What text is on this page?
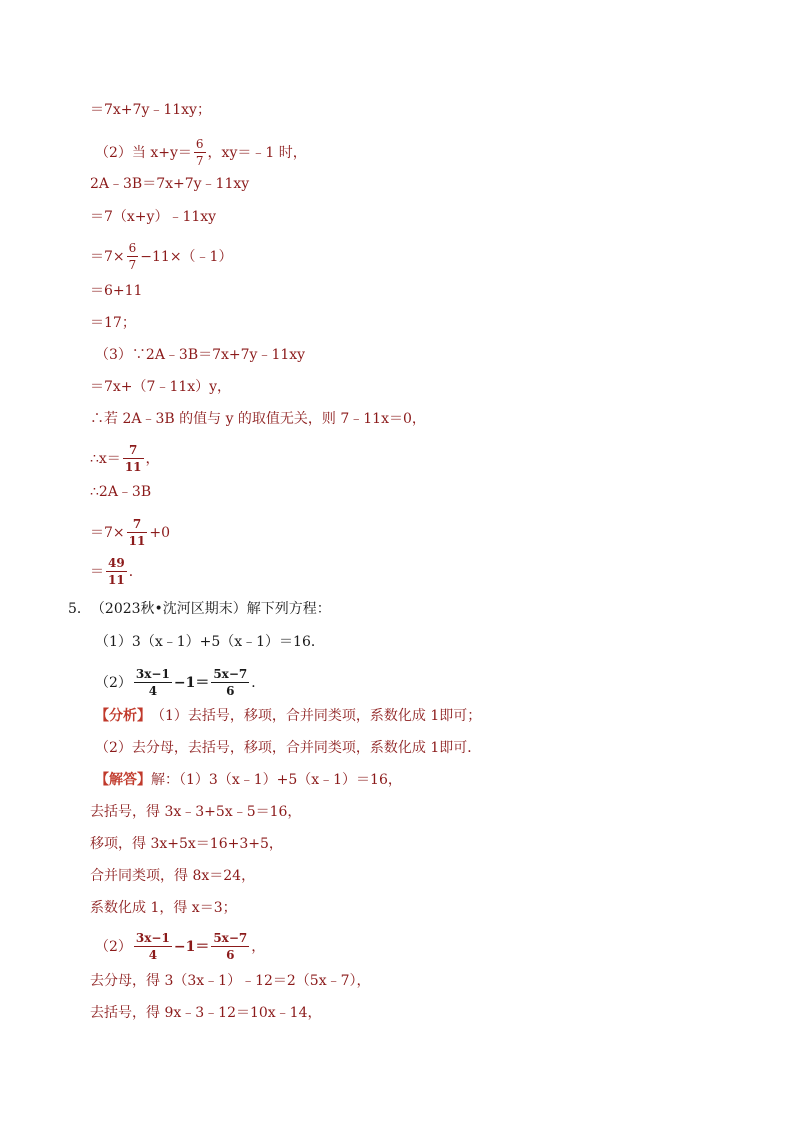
＝7x+7y﹣11xy；
（2）当 $x+y= \frac{6}{7}$ ，xy＝﹣1 时，
2A﹣3B＝7x+7y﹣11xy
＝7（x+y）﹣11xy
$=7\times \frac{6}{7}$ −11×（﹣1）
＝6+11
＝17；
（3）∵2A﹣3B＝7x+7y﹣11xy
＝7x+（7﹣11x）y，
∴若 2A﹣3B 的值与 y 的取值无关，则 7﹣11x＝0，
∴x＝ $\frac{7}{11}$ ，
∴2A﹣3B
$=7\times \frac{7}{11} +0$
＝ $\frac{49}{11}$ ．
5． （2023秋•沈河区期末）解下列方程：
（1）3（x﹣1）+5（x﹣1）＝16．
$(2) \frac{3x-1}{4} -1= \frac{5x-7}{6}$ ．
【分析】 （1）去括号，移项，合并同类项，系数化成 1即可；
（2）去分母，去括号，移项，合并同类项，系数化成 1即可．
【解答】 解：（1）3（x﹣1）+5（x﹣1）＝16，
去括号，得 3x﹣3+5x﹣5＝16，
移项，得 3x+5x＝16+3+5，
合并同类项，得 8x＝24，
系数化成 1，得 x＝3；
$(2) \frac{3x-1}{4} -1= \frac{5x-7}{6}$ ，
去分母，得 3（3x﹣1）﹣12＝2（5x﹣7），
去括号，得 9x﹣3﹣12＝10x﹣14，
